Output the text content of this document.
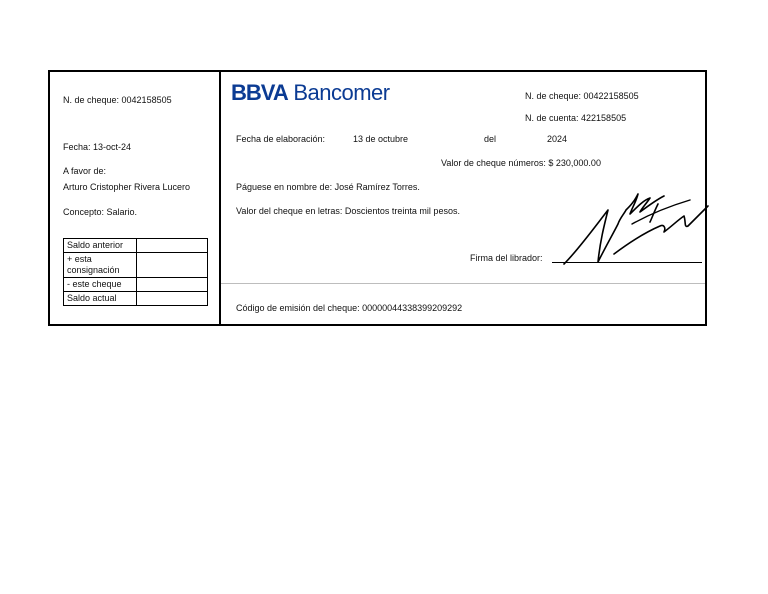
N. de cheque: 0042158505
Fecha: 13-oct-24
A favor de:
Arturo Cristopher Rivera Lucero
Concepto: Salario.
Saldo anterior	
+ esta consignación	
- este cheque	
Saldo actual	
BBVA Bancomer	N. de cheque: 00422158505
N. de cuenta: 422158505
Fecha de elaboración:	13 de octubre	del	2024
Valor de cheque números: $ 230,000.00
Páguese en nombre de: José Ramírez Torres.
Valor del cheque en letras: Doscientos treinta mil pesos.
Firma del librador:
Código de emisión del cheque: 00000044338399209292
